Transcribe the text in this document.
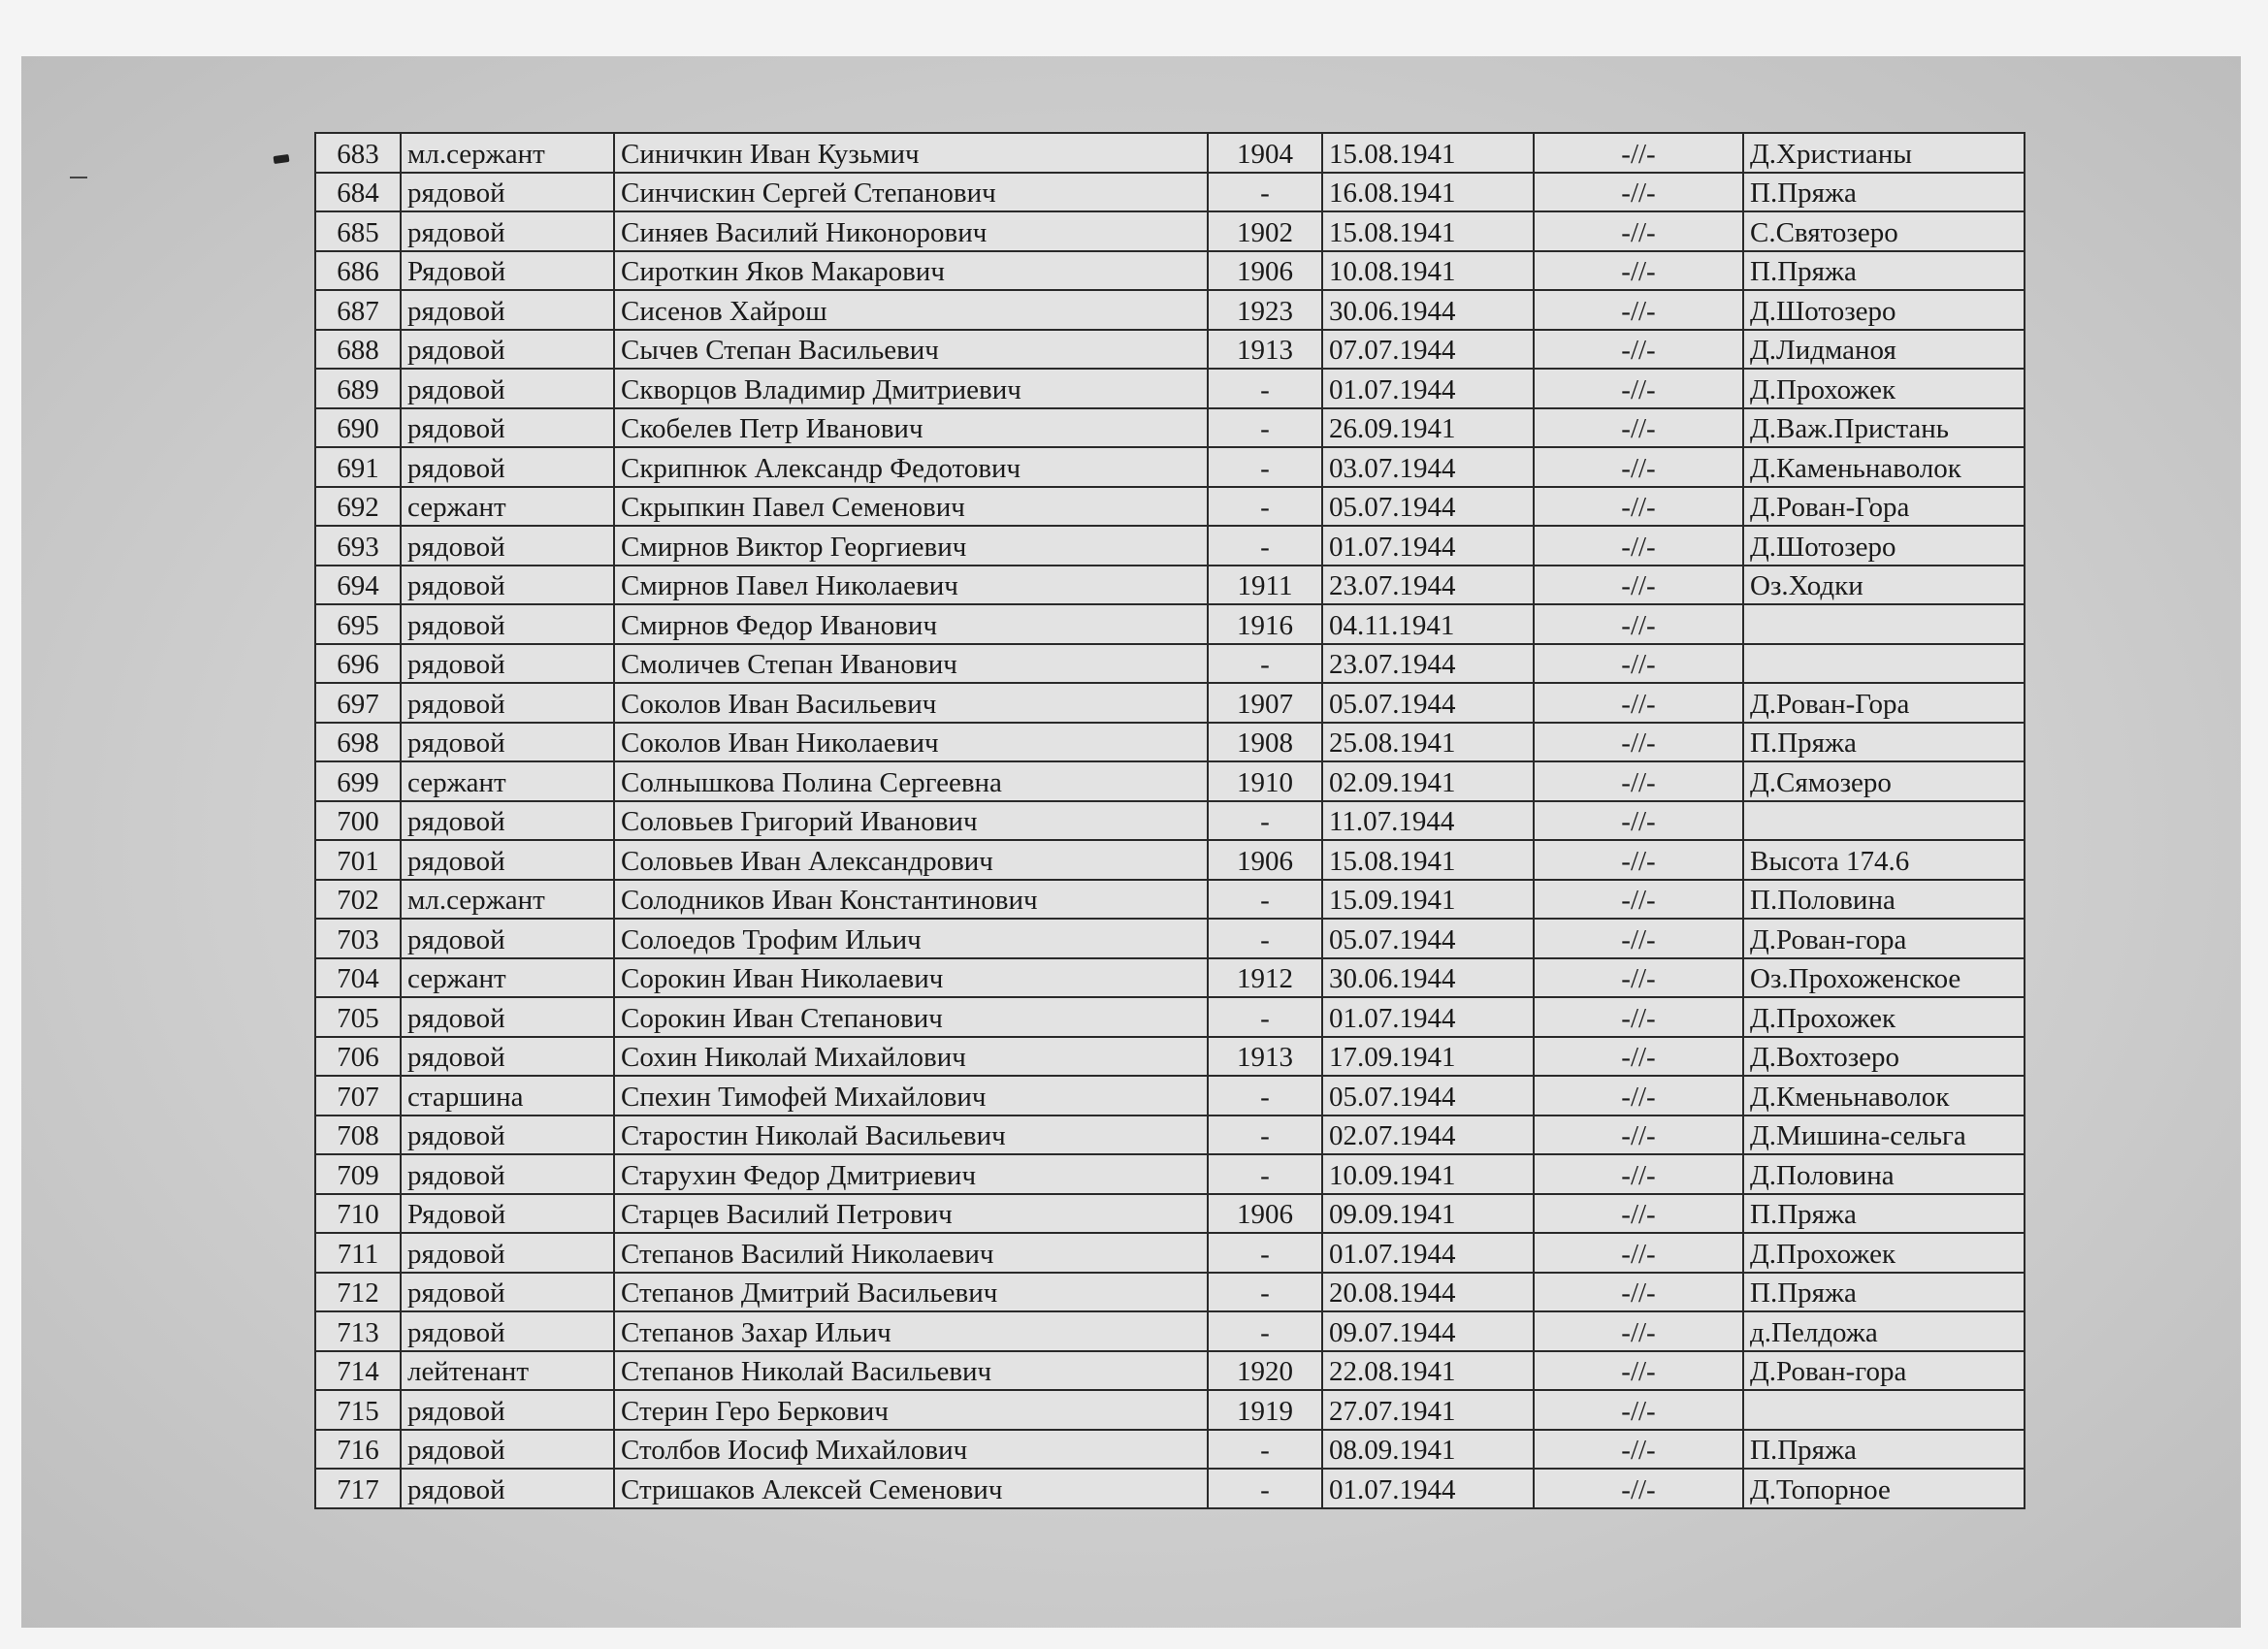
683	мл.сержант	Синичкин Иван Кузьмич	1904	15.08.1941	-//-	Д.Христианы
684	рядовой	Синчискин Сергей Степанович	-	16.08.1941	-//-	П.Пряжа
685	рядовой	Синяев Василий Никонорович	1902	15.08.1941	-//-	С.Святозеро
686	Рядовой	Сироткин Яков Макарович	1906	10.08.1941	-//-	П.Пряжа
687	рядовой	Сисенов Хайрош	1923	30.06.1944	-//-	Д.Шотозеро
688	рядовой	Сычев Степан Васильевич	1913	07.07.1944	-//-	Д.Лидманоя
689	рядовой	Скворцов Владимир Дмитриевич	-	01.07.1944	-//-	Д.Прохожек
690	рядовой	Скобелев Петр Иванович	-	26.09.1941	-//-	Д.Важ.Пристань
691	рядовой	Скрипнюк Александр Федотович	-	03.07.1944	-//-	Д.Каменьнаволок
692	сержант	Скрыпкин Павел Семенович	-	05.07.1944	-//-	Д.Рован-Гора
693	рядовой	Смирнов Виктор Георгиевич	-	01.07.1944	-//-	Д.Шотозеро
694	рядовой	Смирнов Павел Николаевич	1911	23.07.1944	-//-	Оз.Ходки
695	рядовой	Смирнов Федор Иванович	1916	04.11.1941	-//-	
696	рядовой	Смоличев Степан Иванович	-	23.07.1944	-//-	
697	рядовой	Соколов Иван Васильевич	1907	05.07.1944	-//-	Д.Рован-Гора
698	рядовой	Соколов Иван Николаевич	1908	25.08.1941	-//-	П.Пряжа
699	сержант	Солнышкова Полина Сергеевна	1910	02.09.1941	-//-	Д.Сямозеро
700	рядовой	Соловьев Григорий Иванович	-	11.07.1944	-//-	
701	рядовой	Соловьев Иван Александрович	1906	15.08.1941	-//-	Высота 174.6
702	мл.сержант	Солодников Иван Константинович	-	15.09.1941	-//-	П.Половина
703	рядовой	Солоедов Трофим Ильич	-	05.07.1944	-//-	Д.Рован-гора
704	сержант	Сорокин Иван Николаевич	1912	30.06.1944	-//-	Оз.Прохоженское
705	рядовой	Сорокин Иван Степанович	-	01.07.1944	-//-	Д.Прохожек
706	рядовой	Сохин Николай Михайлович	1913	17.09.1941	-//-	Д.Вохтозеро
707	старшина	Спехин Тимофей Михайлович	-	05.07.1944	-//-	Д.Кменьнаволок
708	рядовой	Старостин Николай Васильевич	-	02.07.1944	-//-	Д.Мишина-сельга
709	рядовой	Старухин Федор Дмитриевич	-	10.09.1941	-//-	Д.Половина
710	Рядовой	Старцев Василий Петрович	1906	09.09.1941	-//-	П.Пряжа
711	рядовой	Степанов Василий Николаевич	-	01.07.1944	-//-	Д.Прохожек
712	рядовой	Степанов Дмитрий Васильевич	-	20.08.1944	-//-	П.Пряжа
713	рядовой	Степанов Захар Ильич	-	09.07.1944	-//-	д.Пелдожа
714	лейтенант	Степанов Николай Васильевич	1920	22.08.1941	-//-	Д.Рован-гора
715	рядовой	Стерин Геро Беркович	1919	27.07.1941	-//-	
716	рядовой	Столбов Иосиф Михайлович	-	08.09.1941	-//-	П.Пряжа
717	рядовой	Стришаков Алексей Семенович	-	01.07.1944	-//-	Д.Топорное
